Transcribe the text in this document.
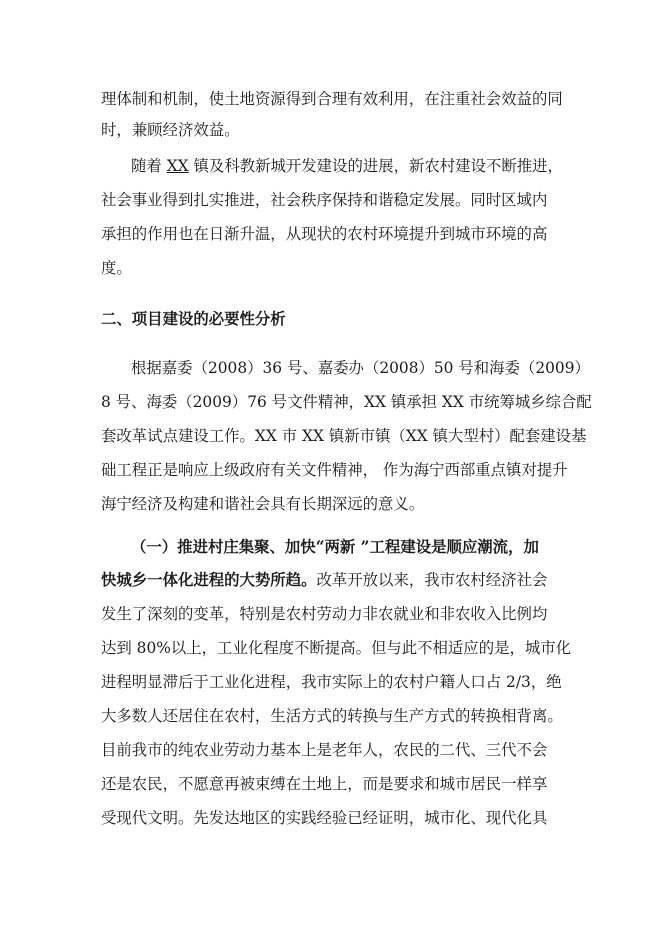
理体制和机制，使土地资源得到合理有效利用，在注重社会效益的同
时，兼顾经济效益。
随着 XX 镇及科教新城开发建设的进展，新农村建设不断推进，
社会事业得到扎实推进，社会秩序保持和谐稳定发展。同时区域内
承担的作用也在日渐升温，从现状的农村环境提升到城市环境的高
度。
二、项目建设的必要性分析
根据嘉委（2008）36 号、嘉委办（2008）50 号和海委（2009）
8 号、海委（2009）76 号文件精神，XX 镇承担 XX 市统筹城乡综合配
套改革试点建设工作。XX 市 XX 镇新市镇（XX 镇大型村）配套建设基
础工程正是响应上级政府有关文件精神， 作为海宁西部重点镇对提升
海宁经济及构建和谐社会具有长期深远的意义。
（一）推进村庄集聚、加快“两新 ”工程建设是顺应潮流，加
快城乡一体化进程的大势所趋。改革开放以来，我市农村经济社会
发生了深刻的变革，特别是农村劳动力非农就业和非农收入比例均
达到 80%以上，工业化程度不断提高。但与此不相适应的是，城市化
进程明显滞后于工业化进程，我市实际上的农村户籍人口占 2/3，绝
大多数人还居住在农村，生活方式的转换与生产方式的转换相背离。
目前我市的纯农业劳动力基本上是老年人，农民的二代、三代不会
还是农民，不愿意再被束缚在土地上，而是要求和城市居民一样享
受现代文明。先发达地区的实践经验已经证明，城市化、现代化具
